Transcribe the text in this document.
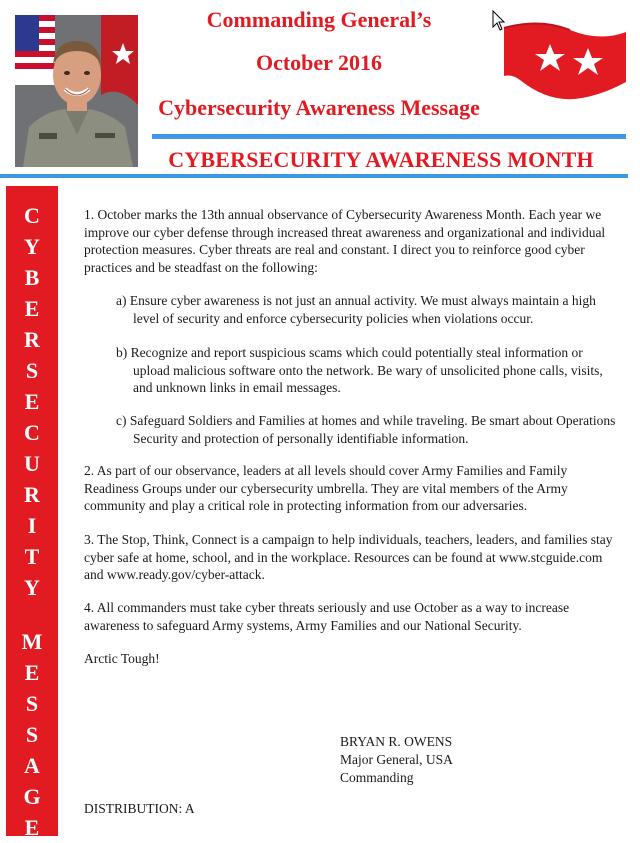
Commanding General’s
October 2016
Cybersecurity Awareness Message
CYBERSECURITY AWARENESS MONTH
C
Y
B
E
R
S
E
C
U
R
I
T
Y
M
E
S
S
A
G
E

1. October marks the 13th annual observance of Cybersecurity Awareness Month. Each year we improve our cyber defense through increased threat awareness and organizational and individual protection measures. Cyber threats are real and constant. I direct you to reinforce good cyber practices and be steadfast on the following:

a) Ensure cyber awareness is not just an annual activity. We must always maintain a high level of security and enforce cybersecurity policies when violations occur.

b) Recognize and report suspicious scams which could potentially steal information or upload malicious software onto the network. Be wary of unsolicited phone calls, visits, and unknown links in email messages.

c) Safeguard Soldiers and Families at homes and while traveling. Be smart about Operations Security and protection of personally identifiable information.

2. As part of our observance, leaders at all levels should cover Army Families and Family Readiness Groups under our cybersecurity umbrella. They are vital members of the Army community and play a critical role in protecting information from our adversaries.

3. The Stop, Think, Connect is a campaign to help individuals, teachers, leaders, and families stay cyber safe at home, school, and in the workplace. Resources can be found at www.stcguide.com and www.ready.gov/cyber-attack.

4. All commanders must take cyber threats seriously and use October as a way to increase awareness to safeguard Army systems, Army Families and our National Security.

Arctic Tough!

BRYAN R. OWENS
Major General, USA
Commanding
DISTRIBUTION: A
